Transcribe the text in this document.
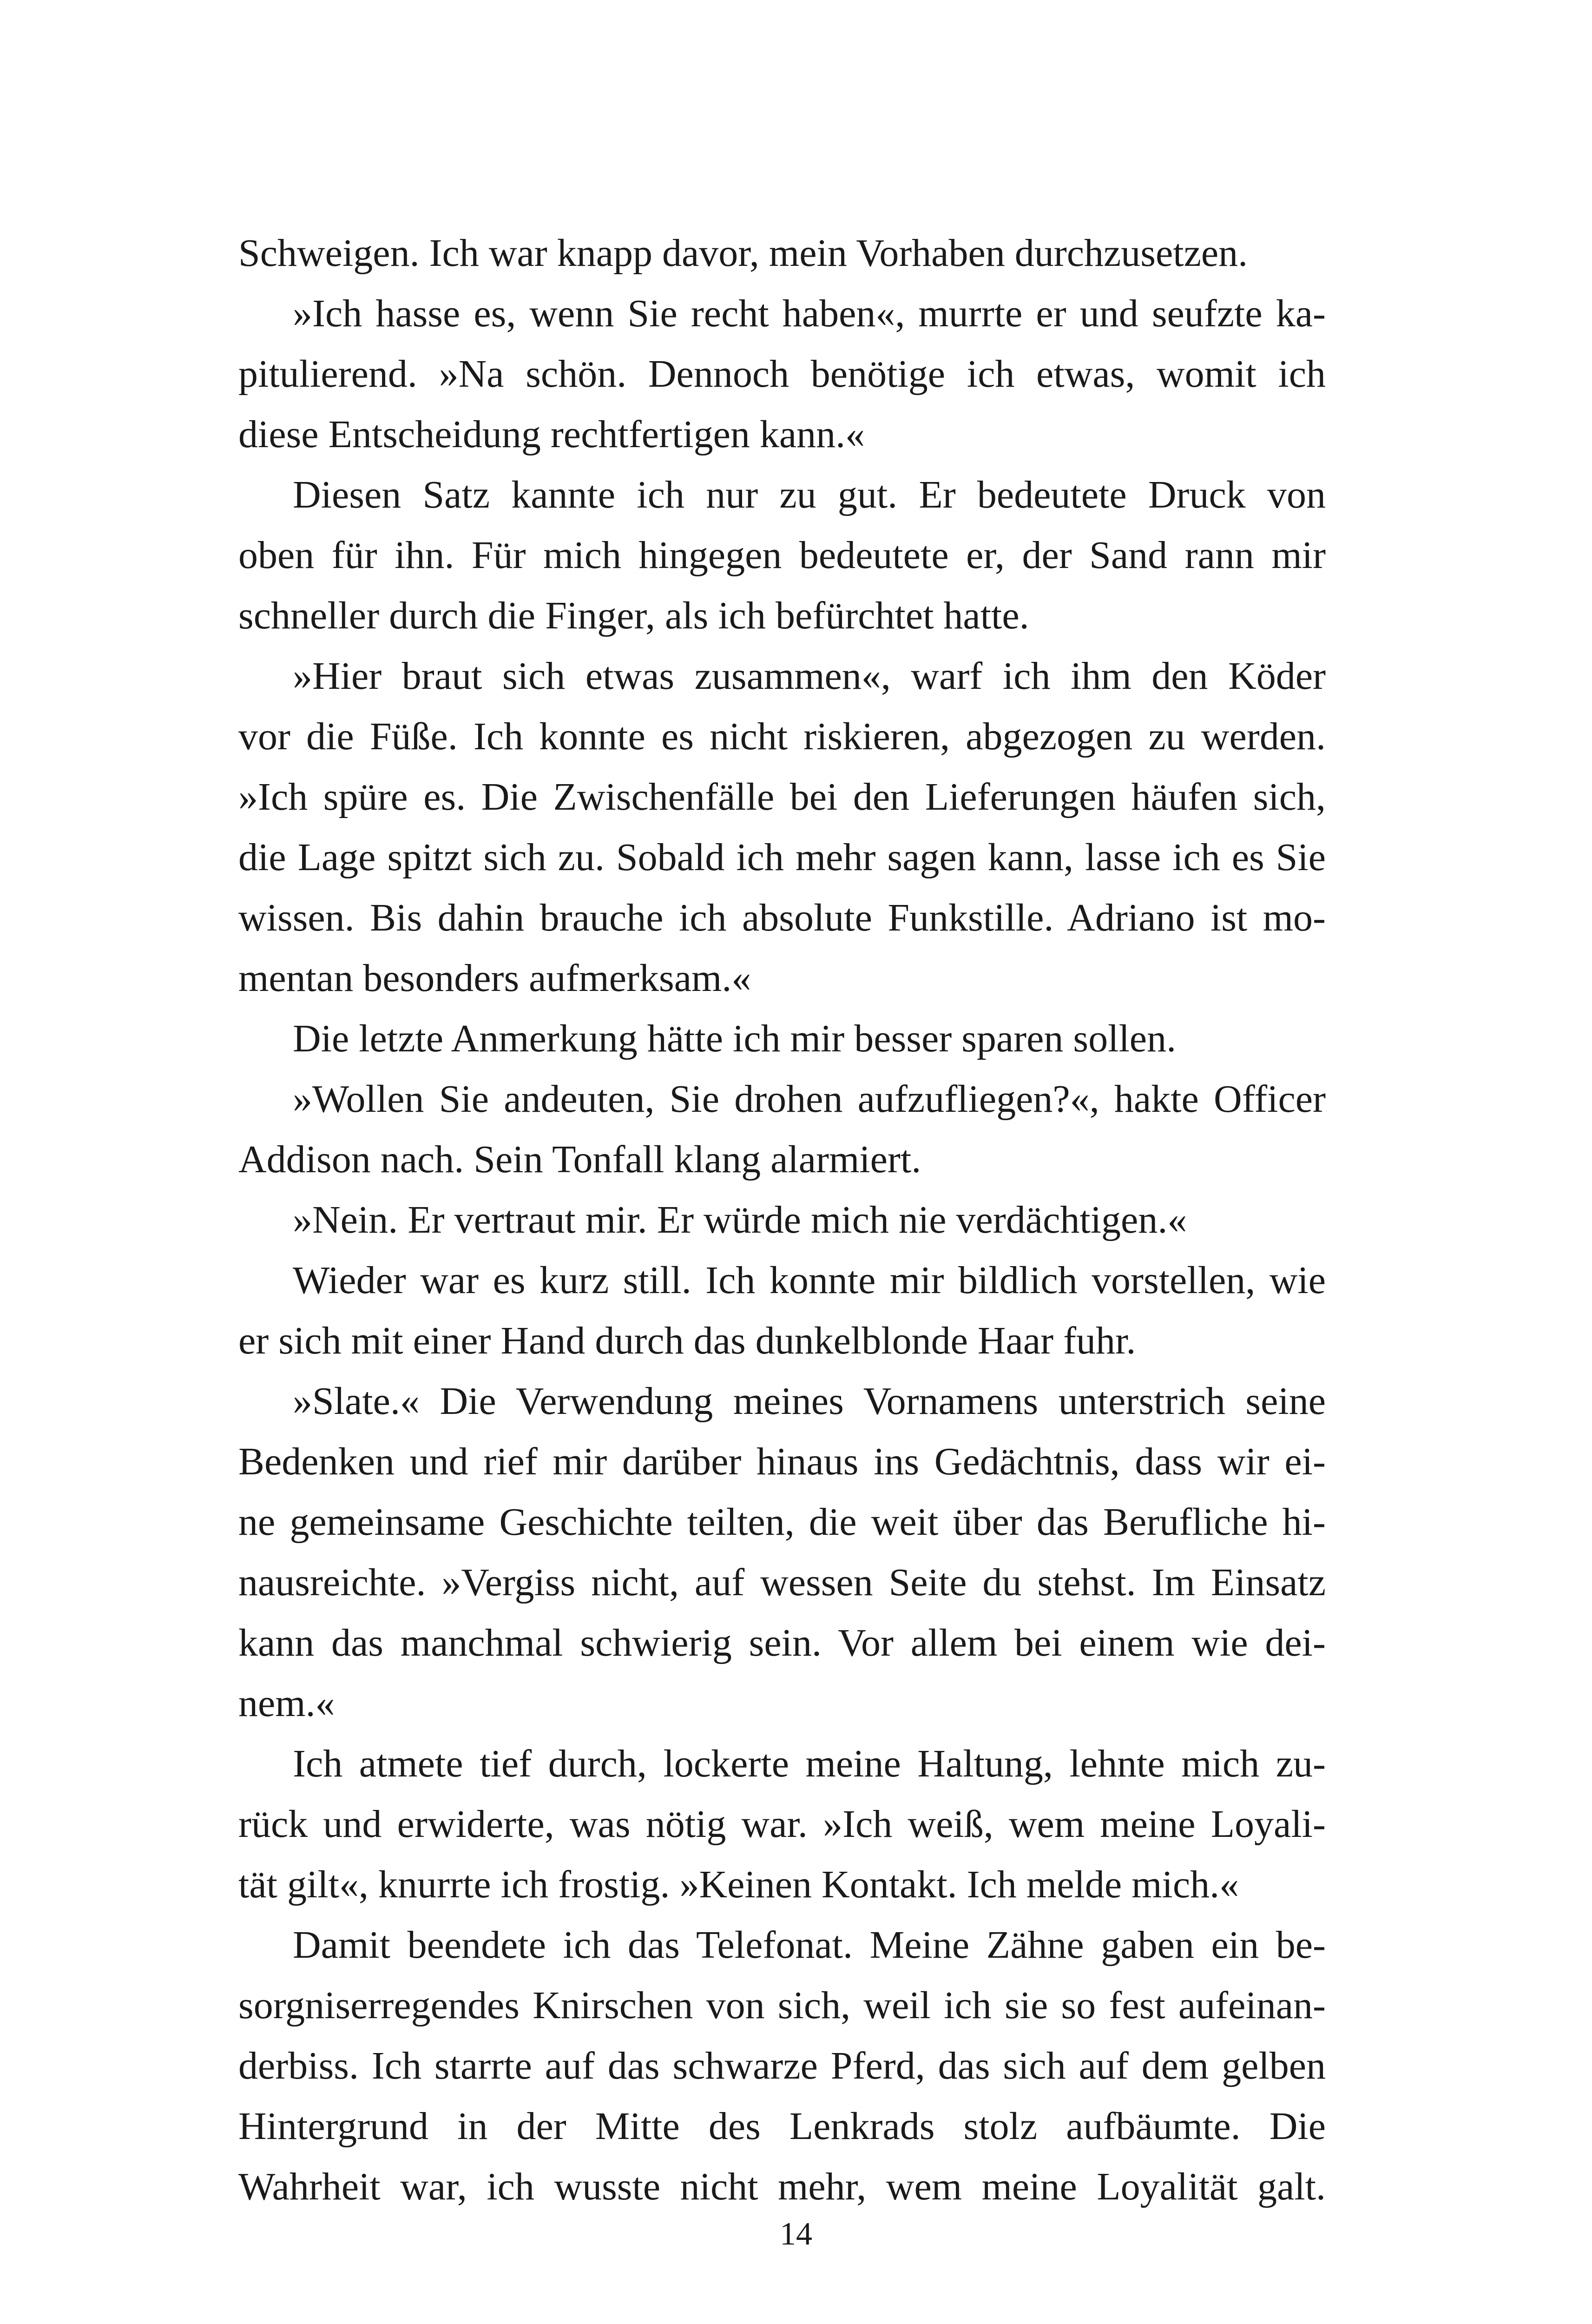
Schweigen. Ich war knapp davor, mein Vorhaben durchzusetzen.
»Ich hasse es, wenn Sie recht haben«, murrte er und seufzte ka-
pitulierend. »Na schön. Dennoch benötige ich etwas, womit ich
diese Entscheidung rechtfertigen kann.«
Diesen Satz kannte ich nur zu gut. Er bedeutete Druck von
oben für ihn. Für mich hingegen bedeutete er, der Sand rann mir
schneller durch die Finger, als ich befürchtet hatte.
»Hier braut sich etwas zusammen«, warf ich ihm den Köder
vor die Füße. Ich konnte es nicht riskieren, abgezogen zu werden.
»Ich spüre es. Die Zwischenfälle bei den Lieferungen häufen sich,
die Lage spitzt sich zu. Sobald ich mehr sagen kann, lasse ich es Sie
wissen. Bis dahin brauche ich absolute Funkstille. Adriano ist mo-
mentan besonders aufmerksam.«
Die letzte Anmerkung hätte ich mir besser sparen sollen.
»Wollen Sie andeuten, Sie drohen aufzufliegen?«, hakte Officer
Addison nach. Sein Tonfall klang alarmiert.
»Nein. Er vertraut mir. Er würde mich nie verdächtigen.«
Wieder war es kurz still. Ich konnte mir bildlich vorstellen, wie
er sich mit einer Hand durch das dunkelblonde Haar fuhr.
»Slate.« Die Verwendung meines Vornamens unterstrich seine
Bedenken und rief mir darüber hinaus ins Gedächtnis, dass wir ei-
ne gemeinsame Geschichte teilten, die weit über das Berufliche hi-
nausreichte. »Vergiss nicht, auf wessen Seite du stehst. Im Einsatz
kann das manchmal schwierig sein. Vor allem bei einem wie dei-
nem.«
Ich atmete tief durch, lockerte meine Haltung, lehnte mich zu-
rück und erwiderte, was nötig war. »Ich weiß, wem meine Loyali-
tät gilt«, knurrte ich frostig. »Keinen Kontakt. Ich melde mich.«
Damit beendete ich das Telefonat. Meine Zähne gaben ein be-
sorgniserregendes Knirschen von sich, weil ich sie so fest aufeinan-
derbiss. Ich starrte auf das schwarze Pferd, das sich auf dem gelben
Hintergrund in der Mitte des Lenkrads stolz aufbäumte. Die
Wahrheit war, ich wusste nicht mehr, wem meine Loyalität galt.
14
